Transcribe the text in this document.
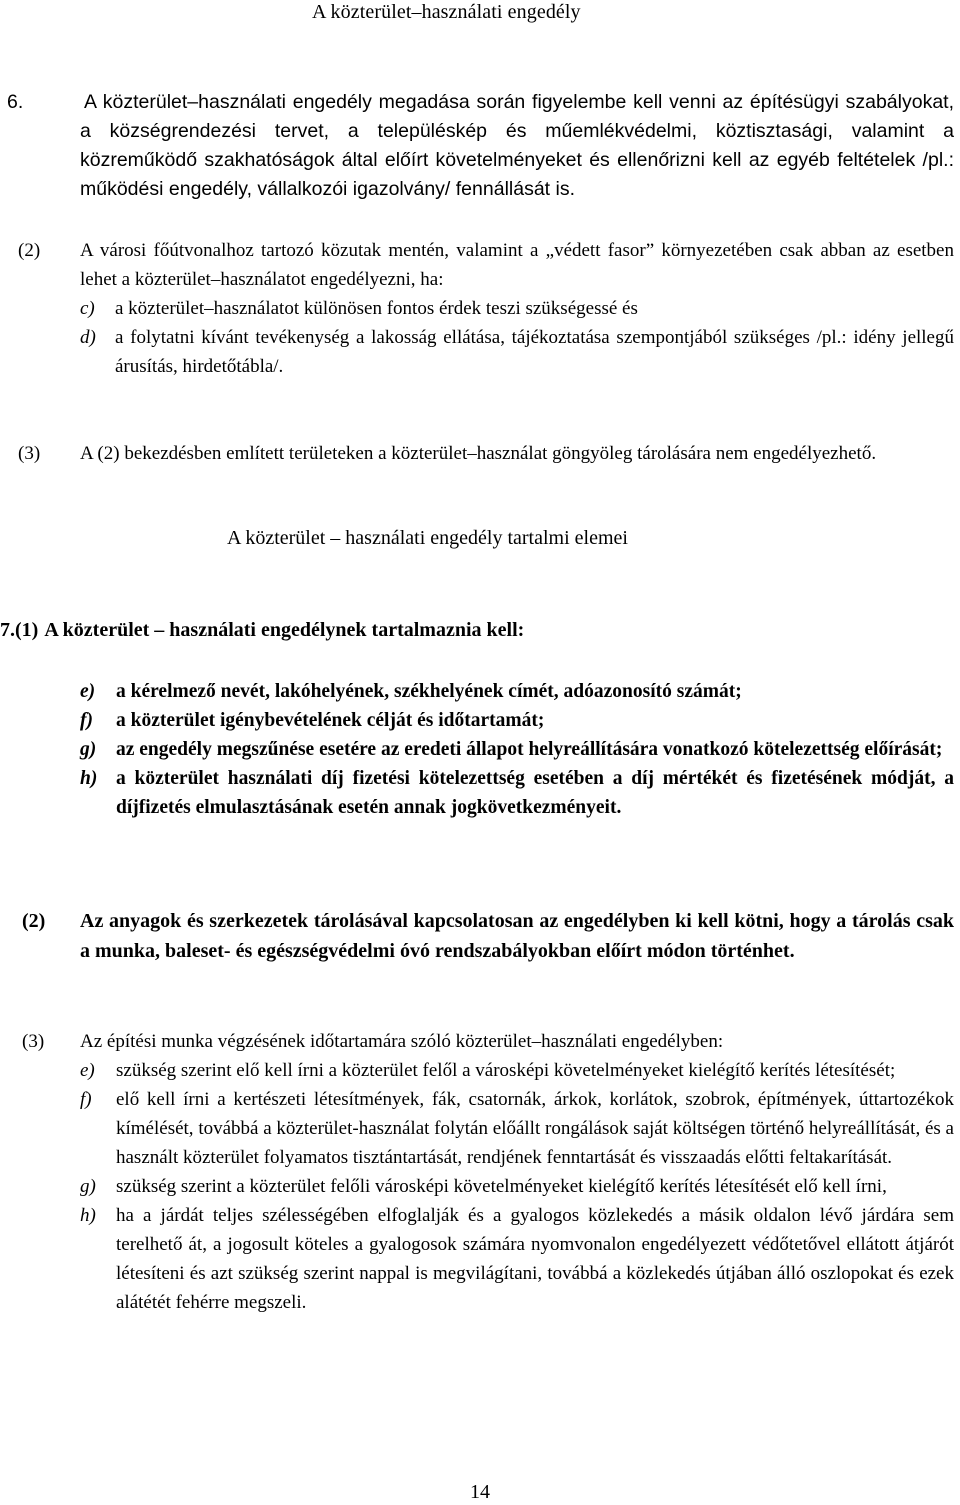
A közterület–használati engedély
6.	A közterület–használati engedély megadása során figyelembe kell venni az építésügyi szabályokat, a községrendezési tervet, a településkép és műemlékvédelmi, köztisztasági, valamint a közreműködő szakhatóságok által előírt követelményeket és ellenőrizni kell az egyéb feltételek /pl.: működési engedély, vállalkozói igazolvány/ fennállását is.
(2) A városi főútvonalhoz tartozó közutak mentén, valamint a „védett fasor” környezetében csak abban az esetben lehet a közterület–használatot engedélyezni, ha:
c) a közterület–használatot különösen fontos érdek teszi szükségessé és
d) a folytatni kívánt tevékenység a lakosság ellátása, tájékoztatása szempontjából szükséges /pl.: idény jellegű árusítás, hirdetőtábla/.
(3) A (2) bekezdésben említett területeken a közterület–használat göngyöleg tárolására nem engedélyezhető.
A közterület – használati engedély tartalmi elemei
7.(1) A közterület – használati engedélynek tartalmaznia kell:
e) a kérelmező nevét, lakóhelyének, székhelyének címét, adóazonosító számát;
f) a közterület igénybevételének célját és időtartamát;
g) az engedély megszűnése esetére az eredeti állapot helyreállítására vonatkozó kötelezettség előírását;
h) a közterület használati díj fizetési kötelezettség esetében a díj mértékét és fizetésének módját, a díjfizetés elmulasztásának esetén annak jogkövetkezményeit.
(2) Az anyagok és szerkezetek tárolásával kapcsolatosan az engedélyben ki kell kötni, hogy a tárolás csak a munka, baleset- és egészségvédelmi óvó rendszabályokban előírt módon történhet.
(3) Az építési munka végzésének időtartamára szóló közterület–használati engedélyben:
e) szükség szerint elő kell írni a közterület felől a városképi követelményeket kielégítő kerítés létesítését;
f) elő kell írni a kertészeti létesítmények, fák, csatornák, árkok, korlátok, szobrok, építmények, úttartozékok kímélését, továbbá a közterület-használat folytán előállt rongálások saját költségen történő helyreállítását, és a használt közterület folyamatos tisztántartását, rendjének fenntartását és visszaadás előtti feltakarítását.
g) szükség szerint a közterület felőli városképi követelményeket kielégítő kerítés létesítését elő kell írni,
h) ha a járdát teljes szélességében elfoglalják és a gyalogos közlekedés a másik oldalon lévő járdára sem terelhető át, a jogosult köteles a gyalogosok számára nyomvonalon engedélyezett védőtetővel ellátott átjárót létesíteni és azt szükség szerint nappal is megvilágítani, továbbá a közlekedés útjában álló oszlopokat és ezek alátétét fehérre megszeli.
14
